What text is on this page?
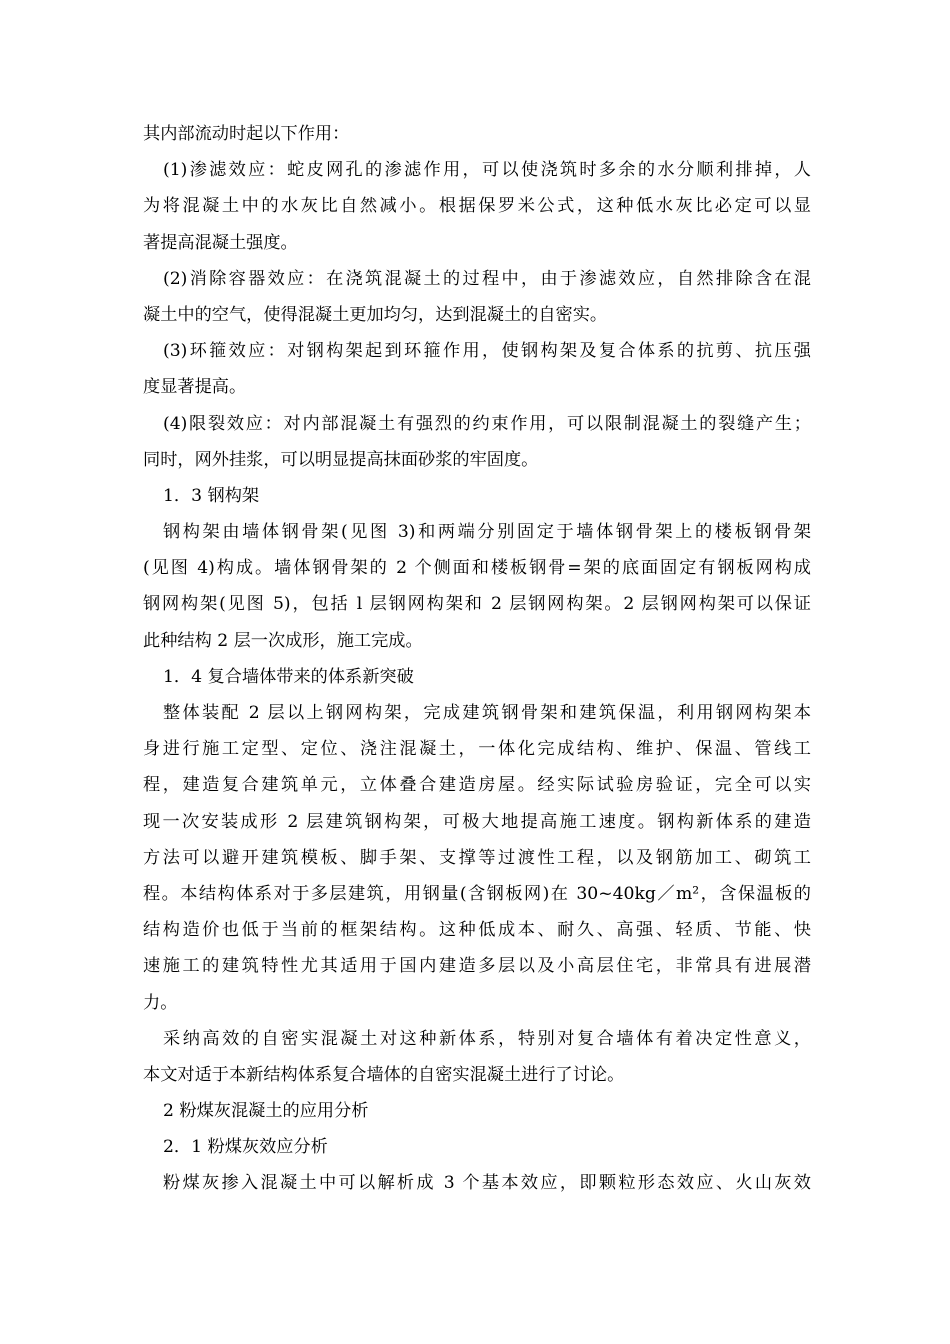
其内部流动时起以下作用：
(1)渗滤效应：蛇皮网孔的渗滤作用，可以使浇筑时多余的水分顺利排掉，人
为将混凝土中的水灰比自然减小。根据保罗米公式，这种低水灰比必定可以显
著提高混凝土强度。
(2)消除容器效应：在浇筑混凝土的过程中，由于渗滤效应，自然排除含在混
凝土中的空气，使得混凝土更加均匀，达到混凝土的自密实。
(3)环箍效应：对钢构架起到环箍作用，使钢构架及复合体系的抗剪、抗压强
度显著提高。
(4)限裂效应：对内部混凝土有强烈的约束作用，可以限制混凝土的裂缝产生；
同时，网外挂浆，可以明显提高抹面砂浆的牢固度。
1．3 钢构架
钢构架由墙体钢骨架(见图 3)和两端分别固定于墙体钢骨架上的楼板钢骨架
(见图 4)构成。墙体钢骨架的 2 个侧面和楼板钢骨=架的底面固定有钢板网构成
钢网构架(见图 5)，包括 l 层钢网构架和 2 层钢网构架。2 层钢网构架可以保证
此种结构 2 层一次成形，施工完成。
1．4 复合墙体带来的体系新突破
整体装配 2 层以上钢网构架，完成建筑钢骨架和建筑保温，利用钢网构架本
身进行施工定型、定位、浇注混凝土，一体化完成结构、维护、保温、管线工
程，建造复合建筑单元，立体叠合建造房屋。经实际试验房验证，完全可以实
现一次安装成形 2 层建筑钢构架，可极大地提高施工速度。钢构新体系的建造
方法可以避开建筑模板、脚手架、支撑等过渡性工程，以及钢筋加工、砌筑工
程。本结构体系对于多层建筑，用钢量(含钢板网)在 30~40kg／m²，含保温板的
结构造价也低于当前的框架结构。这种低成本、耐久、高强、轻质、节能、快
速施工的建筑特性尤其适用于国内建造多层以及小高层住宅，非常具有进展潜
力。
采纳高效的自密实混凝土对这种新体系，特别对复合墙体有着决定性意义，
本文对适于本新结构体系复合墙体的自密实混凝土进行了讨论。
2 粉煤灰混凝土的应用分析
2．1 粉煤灰效应分析
粉煤灰掺入混凝土中可以解析成 3 个基本效应，即颗粒形态效应、火山灰效
